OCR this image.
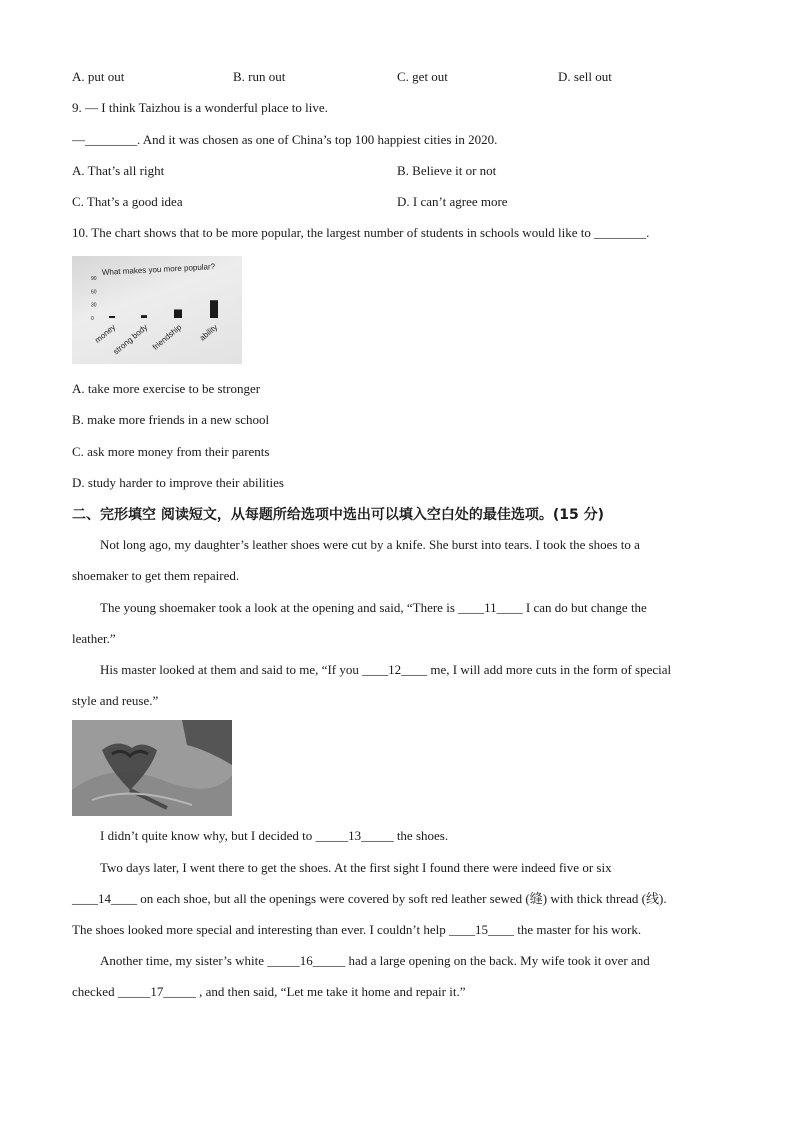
A. put out	B. run out	C. get out	D. sell out
9. — I think Taizhou is a wonderful place to live.
—________. And it was chosen as one of China’s top 100 happiest cities in 2020.
A. That’s all right	B. Believe it or not
C. That’s a good idea	D. I can’t agree more
10. The chart shows that to be more popular, the largest number of students in schools would like to ________.
What makes you more popular?
90
60
30
0
money
strong body friendship ability
A. take more exercise to be stronger
B. make more friends in a new school
C. ask more money from their parents
D. study harder to improve their abilities
二、完形填空 阅读短文，从每题所给选项中选出可以填入空白处的最佳选项。(15 分)
Not long ago, my daughter’s leather shoes were cut by a knife. She burst into tears. I took the shoes to a
shoemaker to get them repaired.
The young shoemaker took a look at the opening and said, “There is ____11____ I can do but change the
leather.”
His master looked at them and said to me, “If you ____12____ me, I will add more cuts in the form of special
style and reuse.”
I didn’t quite know why, but I decided to _____13_____ the shoes.
Two days later, I went there to get the shoes. At the first sight I found there were indeed five or six
____14____ on each shoe, but all the openings were covered by soft red leather sewed (缝) with thick thread (线).
The shoes looked more special and interesting than ever. I couldn’t help ____15____ the master for his work.
Another time, my sister’s white _____16_____ had a large opening on the back. My wife took it over and
checked _____17_____ , and then said, “Let me take it home and repair it.”
